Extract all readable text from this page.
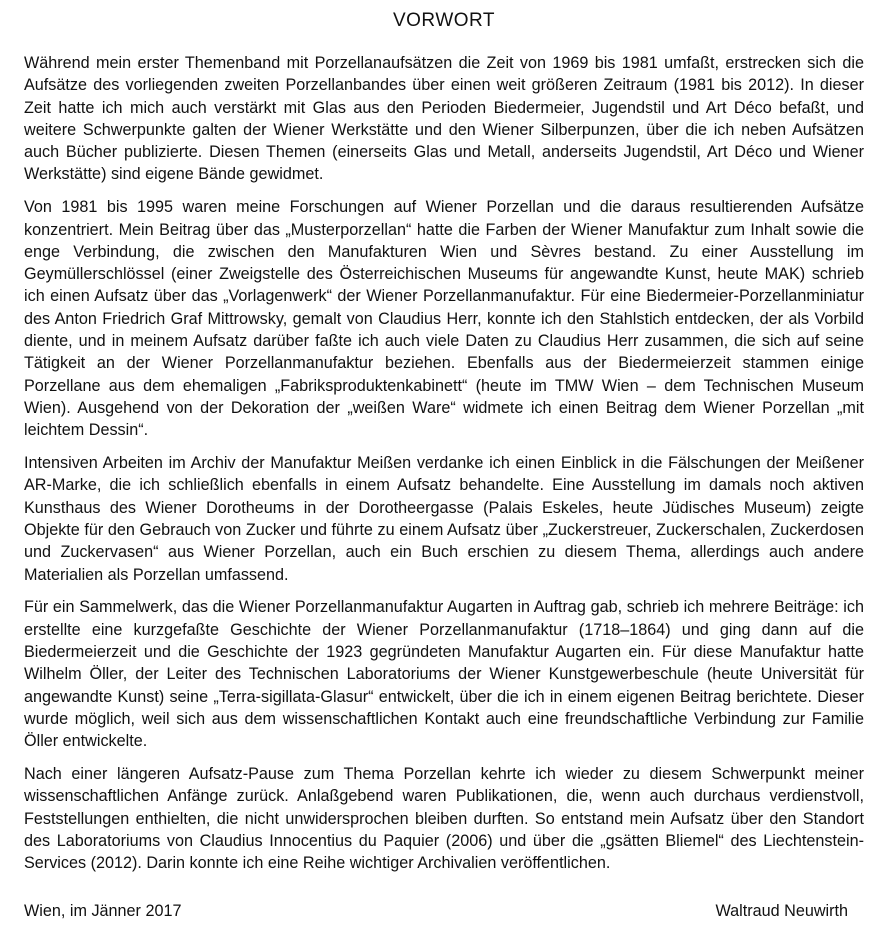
VORWORT

Während mein erster Themenband mit Porzellanaufsätzen die Zeit von 1969 bis 1981 umfaßt, erstrecken sich die Aufsätze des vorliegenden zweiten Porzellanbandes über einen weit größeren Zeitraum (1981 bis 2012). In dieser Zeit hatte ich mich auch verstärkt mit Glas aus den Perioden Biedermeier, Jugendstil und Art Déco befaßt, und weitere Schwerpunkte galten der Wiener Werkstätte und den Wiener Silberpunzen, über die ich neben Aufsätzen auch Bücher publizierte. Diesen Themen (einerseits Glas und Metall, anderseits Jugendstil, Art Déco und Wiener Werkstätte) sind eigene Bände gewidmet.

Von 1981 bis 1995 waren meine Forschungen auf Wiener Porzellan und die daraus resultierenden Aufsätze konzentriert. Mein Beitrag über das „Musterporzellan“ hatte die Farben der Wiener Manufaktur zum Inhalt sowie die enge Verbindung, die zwischen den Manufakturen Wien und Sèvres bestand. Zu einer Ausstellung im Geymüllerschlössel (einer Zweigstelle des Österreichischen Museums für angewandte Kunst, heute MAK) schrieb ich einen Aufsatz über das „Vorlagenwerk“ der Wiener Porzellanmanufaktur. Für eine Biedermeier-Porzellanminiatur des Anton Friedrich Graf Mittrowsky, gemalt von Claudius Herr, konnte ich den Stahlstich entdecken, der als Vorbild diente, und in meinem Aufsatz darüber faßte ich auch viele Daten zu Claudius Herr zusammen, die sich auf seine Tätigkeit an der Wiener Porzellanmanufaktur beziehen. Ebenfalls aus der Biedermeierzeit stammen einige Porzellane aus dem ehemaligen „Fabriksproduktenkabinett“ (heute im TMW Wien – dem Technischen Museum Wien). Ausgehend von der Dekoration der „weißen Ware“ widmete ich einen Beitrag dem Wiener Porzellan „mit leichtem Dessin“.

Intensiven Arbeiten im Archiv der Manufaktur Meißen verdanke ich einen Einblick in die Fälschungen der Meißener AR-Marke, die ich schließlich ebenfalls in einem Aufsatz behandelte. Eine Ausstellung im damals noch aktiven Kunsthaus des Wiener Dorotheums in der Dorotheergasse (Palais Eskeles, heute Jüdisches Museum) zeigte Objekte für den Gebrauch von Zucker und führte zu einem Aufsatz über „Zuckerstreuer, Zuckerschalen, Zuckerdosen und Zuckervasen“ aus Wiener Porzellan, auch ein Buch erschien zu diesem Thema, allerdings auch andere Materialien als Porzellan umfassend.

Für ein Sammelwerk, das die Wiener Porzellanmanufaktur Augarten in Auftrag gab, schrieb ich mehrere Beiträge: ich erstellte eine kurzgefaßte Geschichte der Wiener Porzellanmanufaktur (1718–1864) und ging dann auf die Biedermeierzeit und die Geschichte der 1923 gegründeten Manufaktur Augarten ein. Für diese Manufaktur hatte Wilhelm Öller, der Leiter des Technischen Laboratoriums der Wiener Kunstgewerbeschule (heute Universität für angewandte Kunst) seine „Terra-sigillata-Glasur“ entwickelt, über die ich in einem eigenen Beitrag berichtete. Dieser wurde möglich, weil sich aus dem wissenschaftlichen Kontakt auch eine freundschaftliche Verbindung zur Familie Öller entwickelte.

Nach einer längeren Aufsatz-Pause zum Thema Porzellan kehrte ich wieder zu diesem Schwerpunkt meiner wissenschaftlichen Anfänge zurück. Anlaßgebend waren Publikationen, die, wenn auch durchaus verdienstvoll, Feststellungen enthielten, die nicht unwidersprochen bleiben durften. So entstand mein Aufsatz über den Standort des Laboratoriums von Claudius Innocentius du Paquier (2006) und über die „gsätten Bliemel“ des Liechtenstein-Services (2012). Darin konnte ich eine Reihe wichtiger Archivalien veröffentlichen.

Wien, im Jänner 2017	Waltraud Neuwirth
